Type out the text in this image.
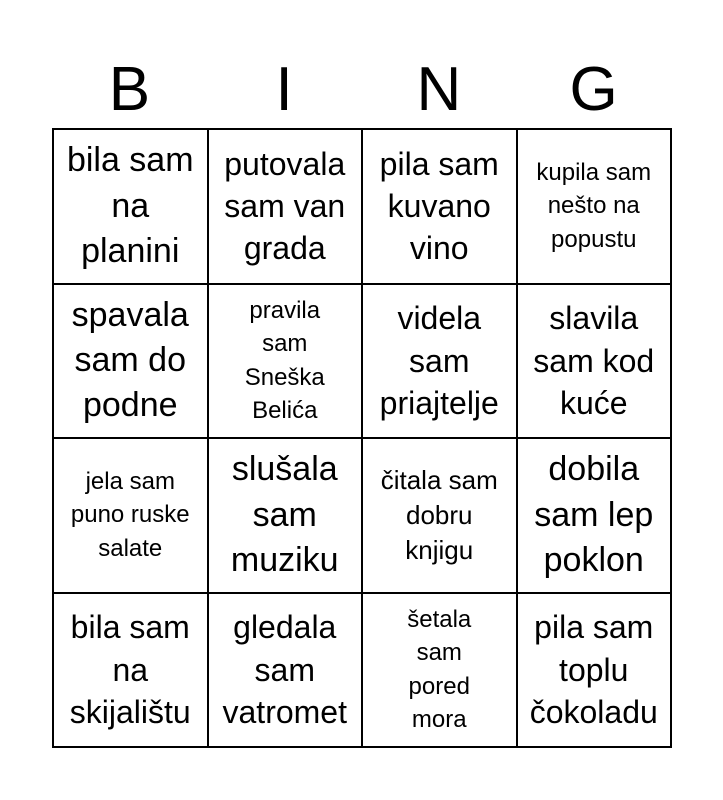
B	I	N	G
bila sam na planini
putovala sam van grada
pila sam kuvano vino
kupila sam nešto na popustu
spavala sam do podne
pravila sam Sneška Belića
videla sam priajtelje
slavila sam kod kuće
jela sam puno ruske salate
slušala sam muziku
čitala sam dobru knjigu
dobila sam lep poklon
bila sam na skijalištu
gledala sam vatromet
šetala sam pored mora
pila sam toplu čokoladu
